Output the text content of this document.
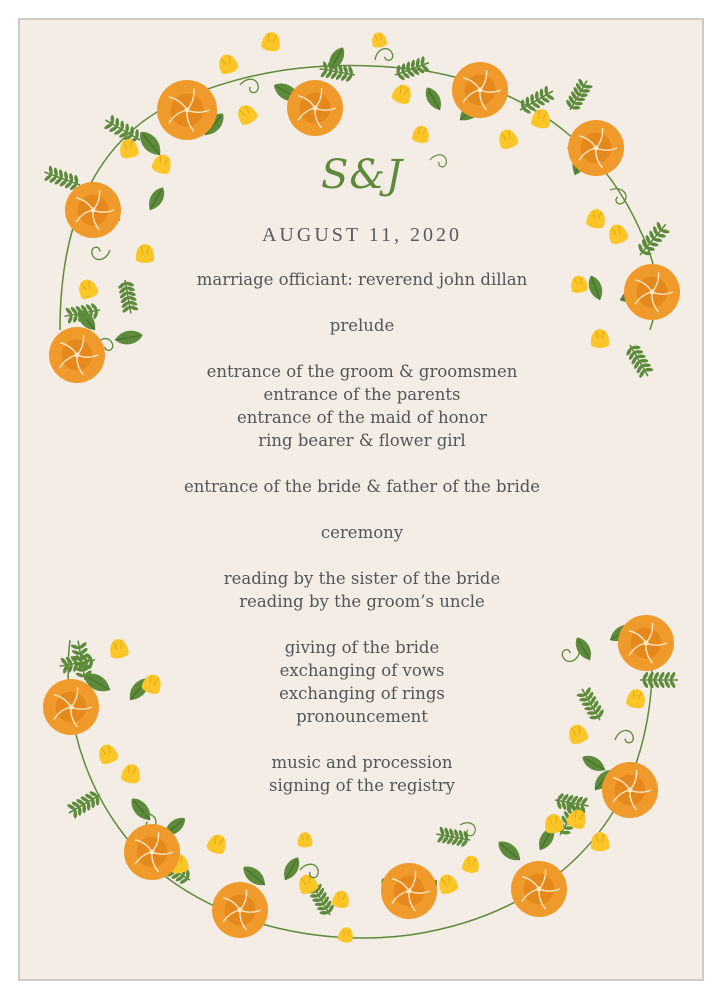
S&J
AUGUST 11, 2020
marriage officiant: reverend john dillan
prelude
entrance of the groom & groomsmen
entrance of the parents
entrance of the maid of honor
ring bearer & flower girl
entrance of the bride & father of the bride
ceremony
reading by the sister of the bride
reading by the groom’s uncle
giving of the bride
exchanging of vows
exchanging of rings
pronouncement
music and procession
signing of the registry
